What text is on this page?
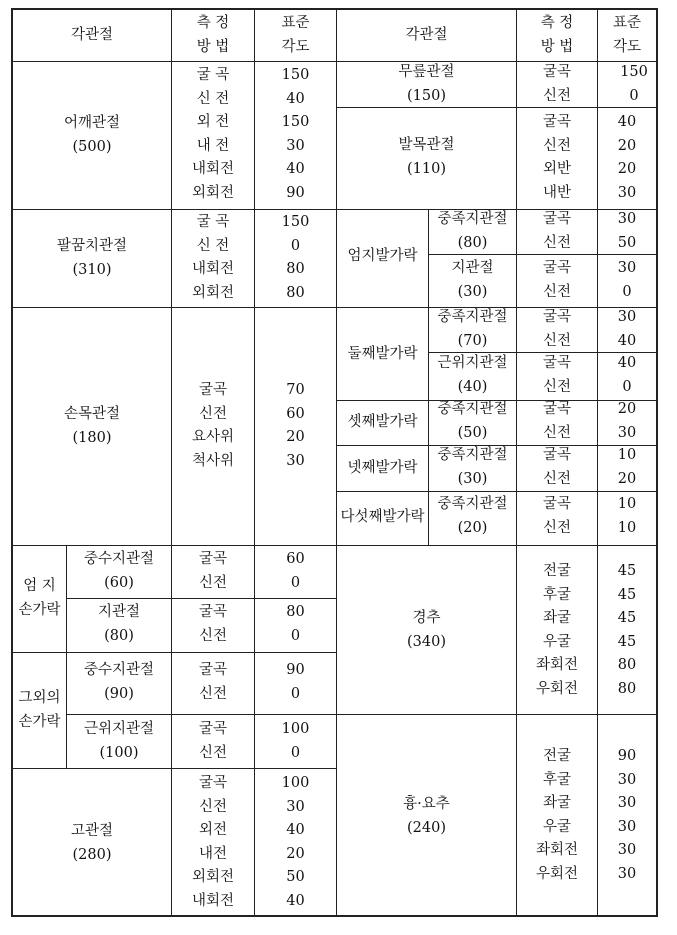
각관절
측 정
방 법
표준
각도
각관절
측 정
방 법
표준
각도
어깨관절
(500)
굴 곡
신 전
외 전
내 전
내회전
외회전
150
40
150
30
40
90
팔꿈치관절
(310)
굴 곡
신 전
내회전
외회전
150
0
80
80
손목관절
(180)
굴곡
신전
요사위
척사위
70
60
20
30
엄 지
손가락
중수지관절
(60)
굴곡
신전
60
0
지관절
(80)
굴곡
신전
80
0
그외의
손가락
중수지관절
(90)
굴곡
신전
90
0
근위지관절
(100)
굴곡
신전
100
0
고관절
(280)
굴곡
신전
외전
내전
외회전
내회전
100
30
40
20
50
40
무릎관절
(150)
굴곡
신전
150
0
발목관절
(110)
굴곡
신전
외반
내반
40
20
20
30
엄지발가락
중족지관절
(80)
굴곡
신전
30
50
지관절
(30)
굴곡
신전
30
0
둘째발가락
중족지관절
(70)
굴곡
신전
30
40
근위지관절
(40)
굴곡
신전
40
0
셋째발가락
중족지관절
(50)
굴곡
신전
20
30
넷째발가락
중족지관절
(30)
굴곡
신전
10
20
다섯째발가락
중족지관절
(20)
굴곡
신전
10
10
경추
(340)
전굴
후굴
좌굴
우굴
좌회전
우회전
45
45
45
45
80
80
흉·요추
(240)
전굴
후굴
좌굴
우굴
좌회전
우회전
90
30
30
30
30
30
